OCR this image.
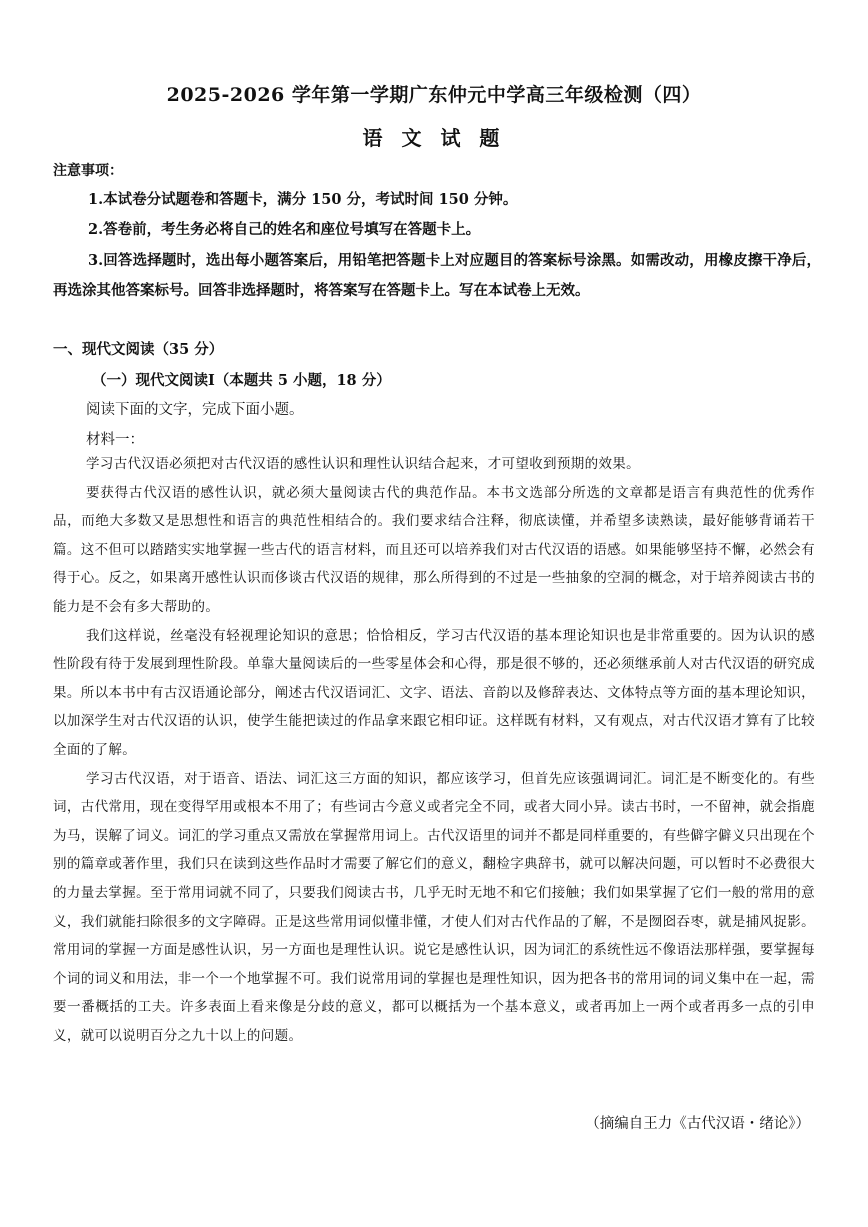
2025-2026 学年第一学期广东仲元中学高三年级检测（四）
语 文 试 题
注意事项：
1.本试卷分试题卷和答题卡，满分 150 分，考试时间 150 分钟。
2.答卷前，考生务必将自己的姓名和座位号填写在答题卡上。
3.回答选择题时，选出每小题答案后，用铅笔把答题卡上对应题目的答案标号涂黑。如需改动，用橡皮擦干净后，再选涂其他答案标号。回答非选择题时，将答案写在答题卡上。写在本试卷上无效。
一、现代文阅读（35 分）
（一）现代文阅读Ⅰ（本题共 5 小题，18 分）
阅读下面的文字，完成下面小题。
材料一：

学习古代汉语必须把对古代汉语的感性认识和理性认识结合起来，才可望收到预期的效果。

要获得古代汉语的感性认识，就必须大量阅读古代的典范作品。本书文选部分所选的文章都是语言有典范性的优秀作品，而绝大多数又是思想性和语言的典范性相结合的。我们要求结合注释，彻底读懂，并希望多读熟读，最好能够背诵若干篇。这不但可以踏踏实实地掌握一些古代的语言材料，而且还可以培养我们对古代汉语的语感。如果能够坚持不懈，必然会有得于心。反之，如果离开感性认识而侈谈古代汉语的规律，那么所得到的不过是一些抽象的空洞的概念，对于培养阅读古书的能力是不会有多大帮助的。

我们这样说，丝毫没有轻视理论知识的意思；恰恰相反，学习古代汉语的基本理论知识也是非常重要的。因为认识的感性阶段有待于发展到理性阶段。单靠大量阅读后的一些零星体会和心得，那是很不够的，还必须继承前人对古代汉语的研究成果。所以本书中有古汉语通论部分，阐述古代汉语词汇、文字、语法、音韵以及修辞表达、文体特点等方面的基本理论知识，以加深学生对古代汉语的认识，使学生能把读过的作品拿来跟它相印证。这样既有材料，又有观点，对古代汉语才算有了比较全面的了解。

学习古代汉语，对于语音、语法、词汇这三方面的知识，都应该学习，但首先应该强调词汇。词汇是不断变化的。有些词，古代常用，现在变得罕用或根本不用了；有些词古今意义或者完全不同，或者大同小异。读古书时，一不留神，就会指鹿为马，误解了词义。词汇的学习重点又需放在掌握常用词上。古代汉语里的词并不都是同样重要的，有些僻字僻义只出现在个别的篇章或著作里，我们只在读到这些作品时才需要了解它们的意义，翻检字典辞书，就可以解决问题，可以暂时不必费很大的力量去掌握。至于常用词就不同了，只要我们阅读古书，几乎无时无地不和它们接触；我们如果掌握了它们一般的常用的意义，我们就能扫除很多的文字障碍。正是这些常用词似懂非懂，才使人们对古代作品的了解，不是囫囵吞枣，就是捕风捉影。常用词的掌握一方面是感性认识，另一方面也是理性认识。说它是感性认识，因为词汇的系统性远不像语法那样强，要掌握每个词的词义和用法，非一个一个地掌握不可。我们说常用词的掌握也是理性知识，因为把各书的常用词的词义集中在一起，需要一番概括的工夫。许多表面上看来像是分歧的意义，都可以概括为一个基本意义，或者再加上一两个或者再多一点的引申义，就可以说明百分之九十以上的问题。

（摘编自王力《古代汉语・绪论》）
